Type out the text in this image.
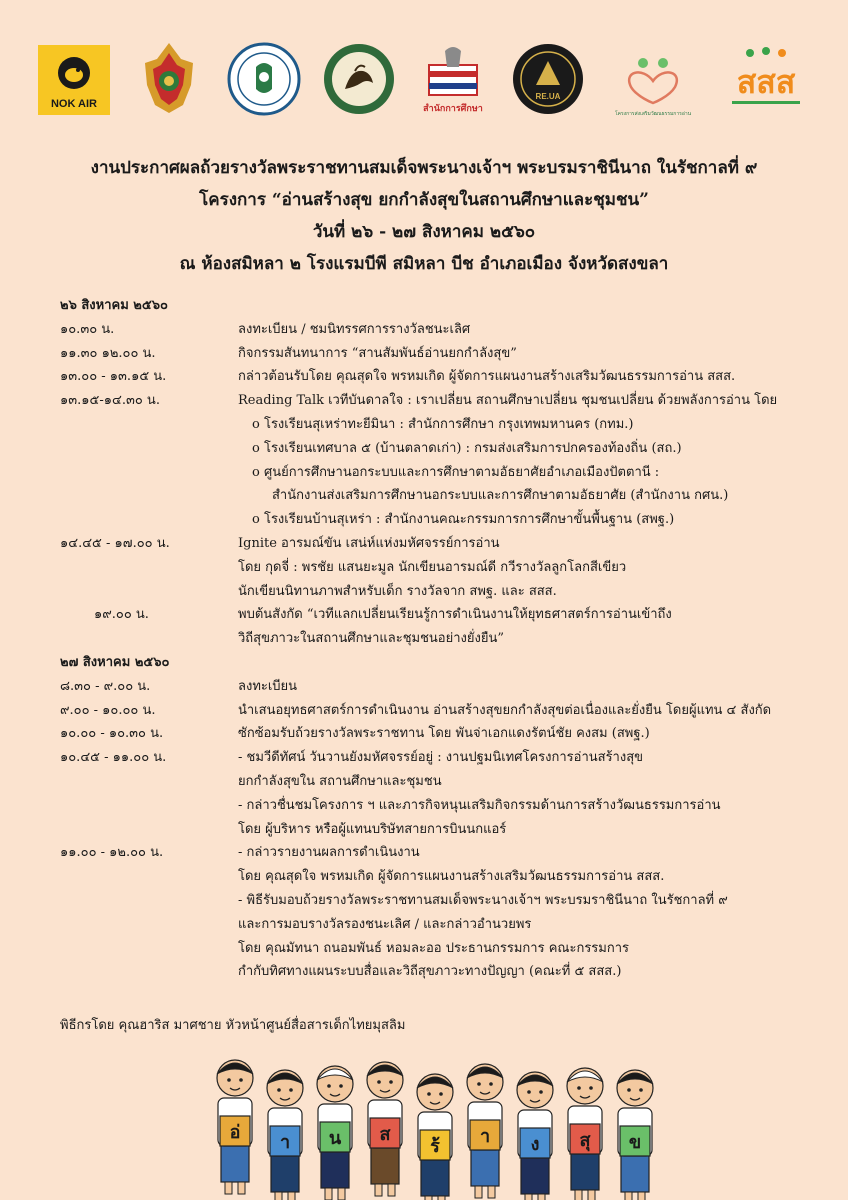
NOK AIR	สำนักการศึกษา
RE.UA
โครงการส่งเสริมวัฒนธรรมการอ่าน
สสส
งานประกาศผลถ้วยรางวัลพระราชทานสมเด็จพระนางเจ้าฯ พระบรมราชินีนาถ ในรัชกาลที่ ๙
โครงการ “อ่านสร้างสุข ยกกำลังสุขในสถานศึกษาและชุมชน”
วันที่ ๒๖ - ๒๗ สิงหาคม ๒๕๖๐
ณ ห้องสมิหลา ๒ โรงแรมบีพี สมิหลา บีช อำเภอเมือง จังหวัดสงขลา
๒๖ สิงหาคม ๒๕๖๐
๑๐.๓๐ น.	ลงทะเบียน / ชมนิทรรศการรางวัลชนะเลิศ
๑๑.๓๐ ๑๒.๐๐ น.	กิจกรรมสันทนาการ “สานสัมพันธ์อ่านยกกำลังสุข”
๑๓.๐๐ - ๑๓.๑๕ น.	กล่าวต้อนรับโดย คุณสุดใจ พรหมเกิด ผู้จัดการแผนงานสร้างเสริมวัฒนธรรมการอ่าน สสส.
๑๓.๑๕-๑๔.๓๐ น.	Reading Talk เวทีบันดาลใจ : เราเปลี่ยน สถานศึกษาเปลี่ยน ชุมชนเปลี่ยน ด้วยพลังการอ่าน โดย
o โรงเรียนสุเหร่าทะยีมินา : สำนักการศึกษา กรุงเทพมหานคร (กทม.)
o โรงเรียนเทศบาล ๕ (บ้านตลาดเก่า) : กรมส่งเสริมการปกครองท้องถิ่น (สถ.)
o ศูนย์การศึกษานอกระบบและการศึกษาตามอัธยาศัยอำเภอเมืองปัตตานี :
สำนักงานส่งเสริมการศึกษานอกระบบและการศึกษาตามอัธยาศัย (สำนักงาน กศน.)
o โรงเรียนบ้านสุเหร่า : สำนักงานคณะกรรมการการศึกษาขั้นพื้นฐาน (สพฐ.)
๑๔.๔๕ - ๑๗.๐๐ น.	Ignite อารมณ์ขัน เสน่ห์แห่งมหัศจรรย์การอ่าน
โดย กุดจี่ : พรชัย แสนยะมูล นักเขียนอารมณ์ดี กวีรางวัลลูกโลกสีเขียว
นักเขียนนิทานภาพสำหรับเด็ก รางวัลจาก สพฐ. และ สสส.
๑๙.๐๐ น.	พบต้นสังกัด “เวทีแลกเปลี่ยนเรียนรู้การดำเนินงานให้ยุทธศาสตร์การอ่านเข้าถึง
วิถีสุขภาวะในสถานศึกษาและชุมชนอย่างยั่งยืน”
๒๗ สิงหาคม ๒๕๖๐
๘.๓๐ - ๙.๐๐ น.	ลงทะเบียน
๙.๐๐ - ๑๐.๐๐ น.	นำเสนอยุทธศาสตร์การดำเนินงาน อ่านสร้างสุขยกกำลังสุขต่อเนื่องและยั่งยืน โดยผู้แทน ๔ สังกัด
๑๐.๐๐ - ๑๐.๓๐ น.	ซักซ้อมรับถ้วยรางวัลพระราชทาน โดย พันจ่าเอกแดงรัตน์ชัย คงสม (สพฐ.)
๑๐.๔๕ - ๑๑.๐๐ น.	- ชมวีดีทัศน์ วันวานยังมหัศจรรย์อยู่ : งานปฐมนิเทศโครงการอ่านสร้างสุข
ยกกำลังสุขใน สถานศึกษาและชุมชน
- กล่าวชื่นชมโครงการ ฯ และภารกิจหนุนเสริมกิจกรรมด้านการสร้างวัฒนธรรมการอ่าน
โดย ผู้บริหาร หรือผู้แทนบริษัทสายการบินนกแอร์
๑๑.๐๐ - ๑๒.๐๐ น.	- กล่าวรายงานผลการดำเนินงาน
โดย คุณสุดใจ พรหมเกิด ผู้จัดการแผนงานสร้างเสริมวัฒนธรรมการอ่าน สสส.
- พิธีรับมอบถ้วยรางวัลพระราชทานสมเด็จพระนางเจ้าฯ พระบรมราชินีนาถ ในรัชกาลที่ ๙
และการมอบรางวัลรองชนะเลิศ / และกล่าวอำนวยพร
โดย คุณมัทนา ถนอมพันธ์ หอมละออ ประธานกรรมการ คณะกรรมการ
กำกับทิศทางแผนระบบสื่อและวิถีสุขภาวะทางปัญญา (คณะที่ ๕ สสส.)
พิธีกรโดย คุณฮาริส มาศชาย หัวหน้าศูนย์สื่อสารเด็กไทยมุสลิม
อ่ า น ส
ร้ า ง สุ ข
